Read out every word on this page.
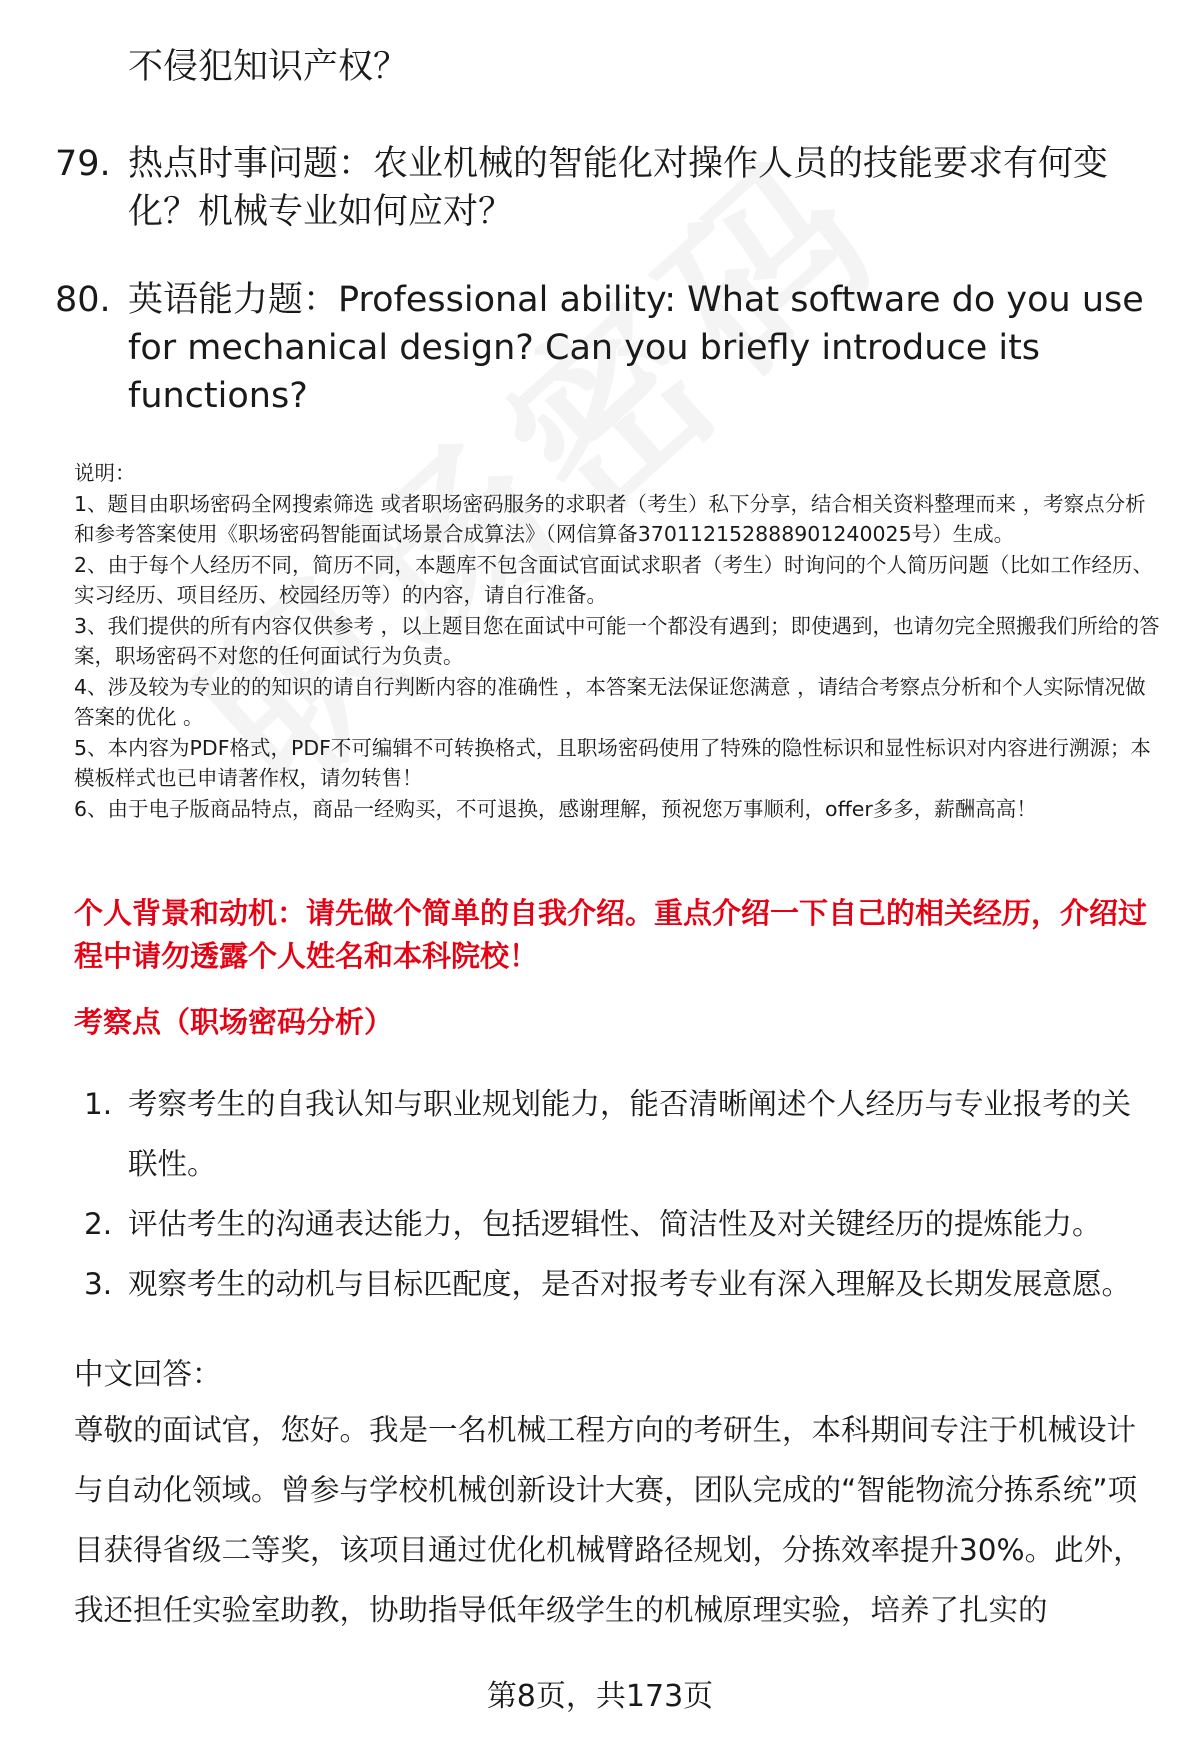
不侵犯知识产权？
79. 热点时事问题：农业机械的智能化对操作人员的技能要求有何变化？机械专业如何应对？
80. 英语能力题：Professional ability: What software do you use for mechanical design? Can you briefly introduce its functions?

说明：

1、题目由职场密码全网搜索筛选 或者职场密码服务的求职者（考生）私下分享，结合相关资料整理而来 ，考察点分析和参考答案使用《职场密码智能面试场景合成算法》（网信算备370112152888901240025号）生成。

2、由于每个人经历不同，简历不同，本题库不包含面试官面试求职者（考生）时询问的个人简历问题（比如工作经历、实习经历、项目经历、校园经历等）的内容，请自行准备。

3、我们提供的所有内容仅供参考 ，以上题目您在面试中可能一个都没有遇到；即使遇到，也请勿完全照搬我们所给的答案，职场密码不对您的任何面试行为负责。

4、涉及较为专业的的知识的请自行判断内容的准确性 ，本答案无法保证您满意 ，请结合考察点分析和个人实际情况做答案的优化 。

5、本内容为PDF格式，PDF不可编辑不可转换格式，且职场密码使用了特殊的隐性标识和显性标识对内容进行溯源；本模板样式也已申请著作权，请勿转售！

6、由于电子版商品特点，商品一经购买，不可退换，感谢理解，预祝您万事顺利，offer多多，薪酬高高！

个人背景和动机：请先做个简单的自我介绍。重点介绍一下自己的相关经历，介绍过程中请勿透露个人姓名和本科院校！
考察点（职场密码分析）
1. 考察考生的自我认知与职业规划能力，能否清晰阐述个人经历与专业报考的关联性。
2. 评估考生的沟通表达能力，包括逻辑性、简洁性及对关键经历的提炼能力。
3. 观察考生的动机与目标匹配度，是否对报考专业有深入理解及长期发展意愿。
中文回答：

尊敬的面试官，您好。我是一名机械工程方向的考研生，本科期间专注于机械设计与自动化领域。曾参与学校机械创新设计大赛，团队完成的“智能物流分拣系统”项目获得省级二等奖，该项目通过优化机械臂路径规划，分拣效率提升30%。此外，我还担任实验室助教，协助指导低年级学生的机械原理实验，培养了扎实的

第8页，共173页
